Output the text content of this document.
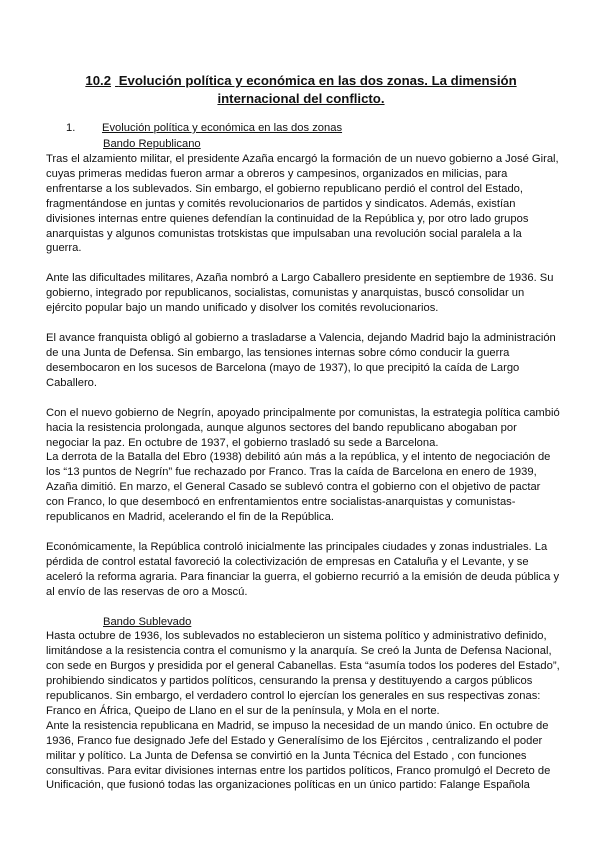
10.2 Evolución política y económica en las dos zonas. La dimensión internacional del conflicto.
1. Evolución política y económica en las dos zonas
Bando Republicano

Tras el alzamiento militar, el presidente Azaña encargó la formación de un nuevo gobierno a José Giral, cuyas primeras medidas fueron armar a obreros y campesinos, organizados en milicias, para enfrentarse a los sublevados. Sin embargo, el gobierno republicano perdió el control del Estado, fragmentándose en juntas y comités revolucionarios de partidos y sindicatos. Además, existían divisiones internas entre quienes defendían la continuidad de la República y, por otro lado grupos anarquistas y algunos comunistas trotskistas que impulsaban una revolución social paralela a la guerra.

Ante las dificultades militares, Azaña nombró a Largo Caballero presidente en septiembre de 1936. Su gobierno, integrado por republicanos, socialistas, comunistas y anarquistas, buscó consolidar un ejército popular bajo un mando unificado y disolver los comités revolucionarios.

El avance franquista obligó al gobierno a trasladarse a Valencia, dejando Madrid bajo la administración de una Junta de Defensa. Sin embargo, las tensiones internas sobre cómo conducir la guerra desembocaron en los sucesos de Barcelona (mayo de 1937), lo que precipitó la caída de Largo Caballero.

Con el nuevo gobierno de Negrín, apoyado principalmente por comunistas, la estrategia política cambió hacia la resistencia prolongada, aunque algunos sectores del bando republicano abogaban por negociar la paz. En octubre de 1937, el gobierno trasladó su sede a Barcelona.

La derrota de la Batalla del Ebro (1938) debilitó aún más a la república, y el intento de negociación de los “13 puntos de Negrín” fue rechazado por Franco. Tras la caída de Barcelona en enero de 1939, Azaña dimitió. En marzo, el General Casado se sublevó contra el gobierno con el objetivo de pactar con Franco, lo que desembocó en enfrentamientos entre socialistas-anarquistas y comunistas-republicanos en Madrid, acelerando el fin de la República.

Económicamente, la República controló inicialmente las principales ciudades y zonas industriales. La pérdida de control estatal favoreció la colectivización de empresas en Cataluña y el Levante, y se aceleró la reforma agraria. Para financiar la guerra, el gobierno recurrió a la emisión de deuda pública y al envío de las reservas de oro a Moscú.

Bando Sublevado

Hasta octubre de 1936, los sublevados no establecieron un sistema político y administrativo definido, limitándose a la resistencia contra el comunismo y la anarquía. Se creó la Junta de Defensa Nacional, con sede en Burgos y presidida por el general Cabanellas. Esta “asumía todos los poderes del Estado”, prohibiendo sindicatos y partidos políticos, censurando la prensa y destituyendo a cargos públicos republicanos. Sin embargo, el verdadero control lo ejercían los generales en sus respectivas zonas: Franco en África, Queipo de Llano en el sur de la península, y Mola en el norte.

Ante la resistencia republicana en Madrid, se impuso la necesidad de un mando único. En octubre de 1936, Franco fue designado Jefe del Estado y Generalísimo de los Ejércitos , centralizando el poder militar y político. La Junta de Defensa se convirtió en la Junta Técnica del Estado , con funciones consultivas. Para evitar divisiones internas entre los partidos políticos, Franco promulgó el Decreto de Unificación, que fusionó todas las organizaciones políticas en un único partido: Falange Española
